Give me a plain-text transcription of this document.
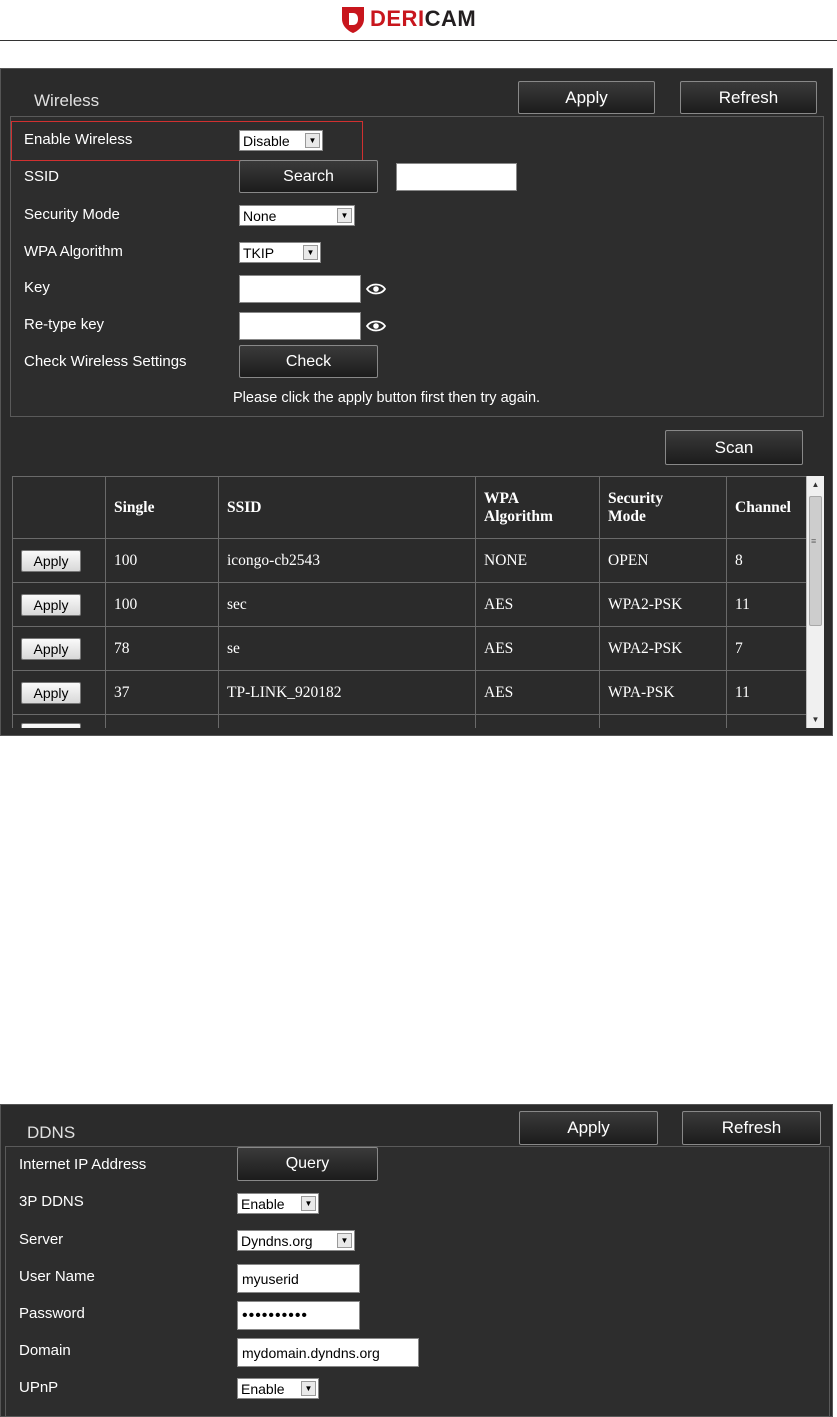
DERICAM
Wireless	Apply	Refresh
Enable Wireless	Disable	▼
SSID	Search
Security Mode	None	▼
WPA Algorithm	TKIP	▼
Key
Re-type key
Check Wireless Settings	Check
Please click the apply button first then try again.
Scan
	Single	SSID	WPA Algorithm	Security Mode	Channel
Apply	100	icongo-cb2543	NONE	OPEN	8
Apply	100	sec	AES	WPA2-PSK	11
Apply	78	se	AES	WPA2-PSK	7
Apply	37	TP-LINK_920182	AES	WPA-PSK	11

▲
≡
▼
DDNS	Apply	Refresh
Internet IP Address	Query
3P DDNS	Enable	▼
Server	Dyndns.org	▼
User Name	myuserid
Password	••••••••••
Domain	mydomain.dyndns.org
UPnP	Enable	▼
